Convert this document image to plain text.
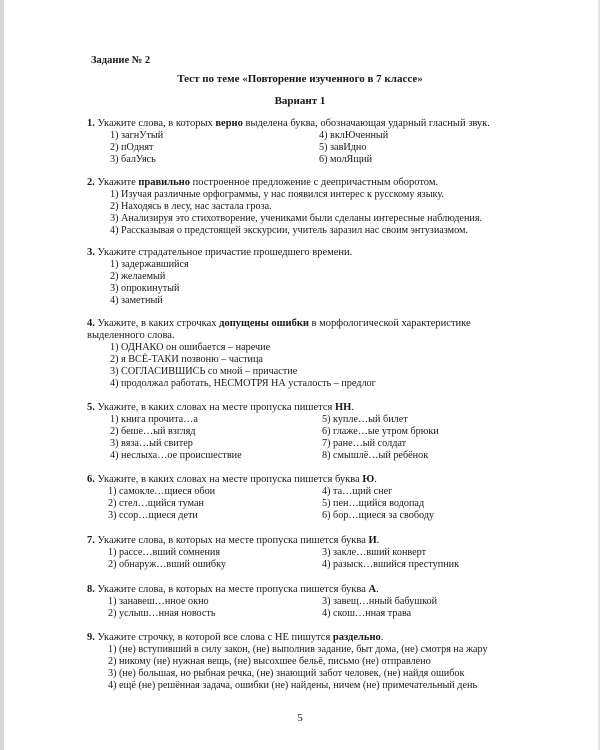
Задание № 2
Тест по теме «Повторение изученного в 7 классе»
Вариант 1
1. Укажите слова, в которых верно выделена буква, обозначающая ударный гласный звук.
1) загнУтый
2) пОднят
3) балУясь
4) вклЮченный
5) завИдно
6) молЯщий
2. Укажите правильно построенное предложение с деепричастным оборотом.
1) Изучая различные орфограммы, у нас появился интерес к русскому языку.
2) Находясь в лесу, нас застала гроза.
3) Анализируя это стихотворение, учениками были сделаны интересные наблюдения.
4) Рассказывая о предстоящей экскурсии, учитель заразил нас своим энтузиазмом.
3. Укажите страдательное причастие прошедшего времени.
1) задержавшийся
2) желаемый
3) опрокинутый
4) заметный
4. Укажите, в каких строчках допущены ошибки в морфологической характеристике выделенного слова.
1) ОДНАКО он ошибается – наречие
2) я ВСЁ-ТАКИ позвоню – частица
3) СОГЛАСИВШИСЬ со мной – причастие
4) продолжал работать, НЕСМОТРЯ НА усталость – предлог
5. Укажите, в каких словах на месте пропуска пишется НН.
1) книга прочита…а
2) беше…ый взгляд
3) вяза…ый свитер
4) неслыха…ое происшествие
5) купле…ый билет
6) глаже…ые утром брюки
7) ране…ый солдат
8) смышлё…ый ребёнок
6. Укажите, в каких словах на месте пропуска пишется буква Ю.
1) самокле…щиеся обои
2) стел…щийся туман
3) ссор…щиеся дети
4) та…щий снег
5) пен…щийся водопад
6) бор…щиеся за свободу
7. Укажите слова, в которых на месте пропуска пишется буква И.
1) рассе…вший сомнения
2) обнаруж…вший ошибку
3) закле…вший конверт
4) разыск…вшийся преступник
8. Укажите слова, в которых на месте пропуска пишется буква А.
1) занавеш…нное окно
2) услыш…нная новость
3) завещ…нный бабушкой
4) скош…нная трава
9. Укажите строчку, в которой все слова с НЕ пишутся раздельно.
1) (не) вступивший в силу закон, (не) выполнив задание, быт дома, (не) смотря на жару
2) никому (не) нужная вещь, (не) высохшее бельё, письмо (не) отправлено
3) (не) большая, но рыбная речка, (не) знающий забот человек, (не) найдя ошибок
4) ещё (не) решённая задача, ошибки (не) найдены, ничем (не) примечательный день
5
